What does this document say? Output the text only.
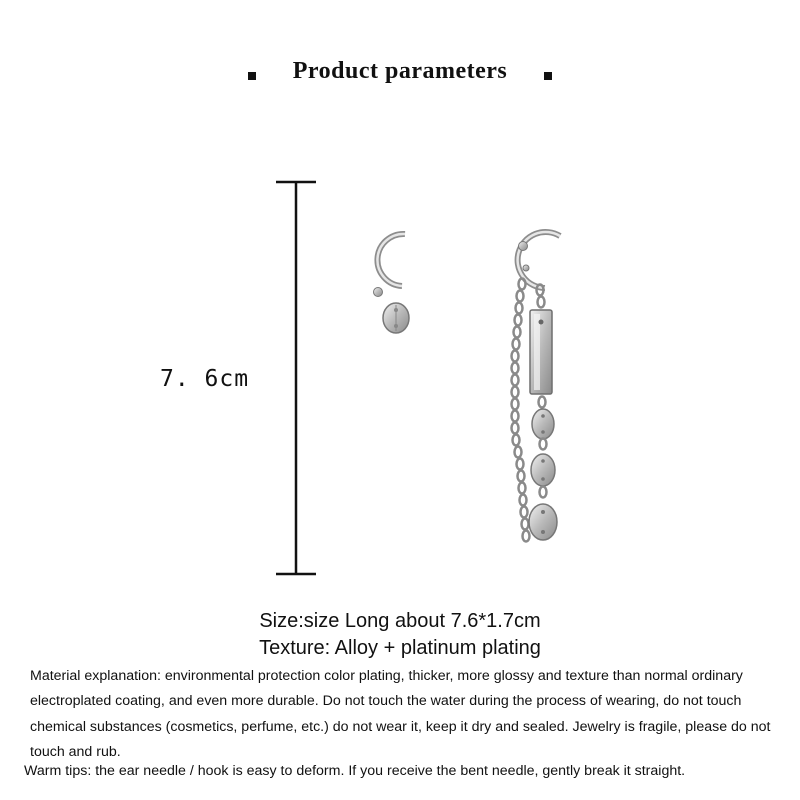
Product parameters
7. 6cm
Size:size Long about 7.6*1.7cm
Texture: Alloy + platinum plating
Material explanation: environmental protection color plating, thicker, more glossy and texture than normal ordinary electroplated coating, and even more durable. Do not touch the water during the process of wearing, do not touch chemical substances (cosmetics, perfume, etc.) do not wear it, keep it dry and sealed. Jewelry is fragile, please do not touch and rub.
Warm tips: the ear needle / hook is easy to deform. If you receive the bent needle, gently break it straight.
